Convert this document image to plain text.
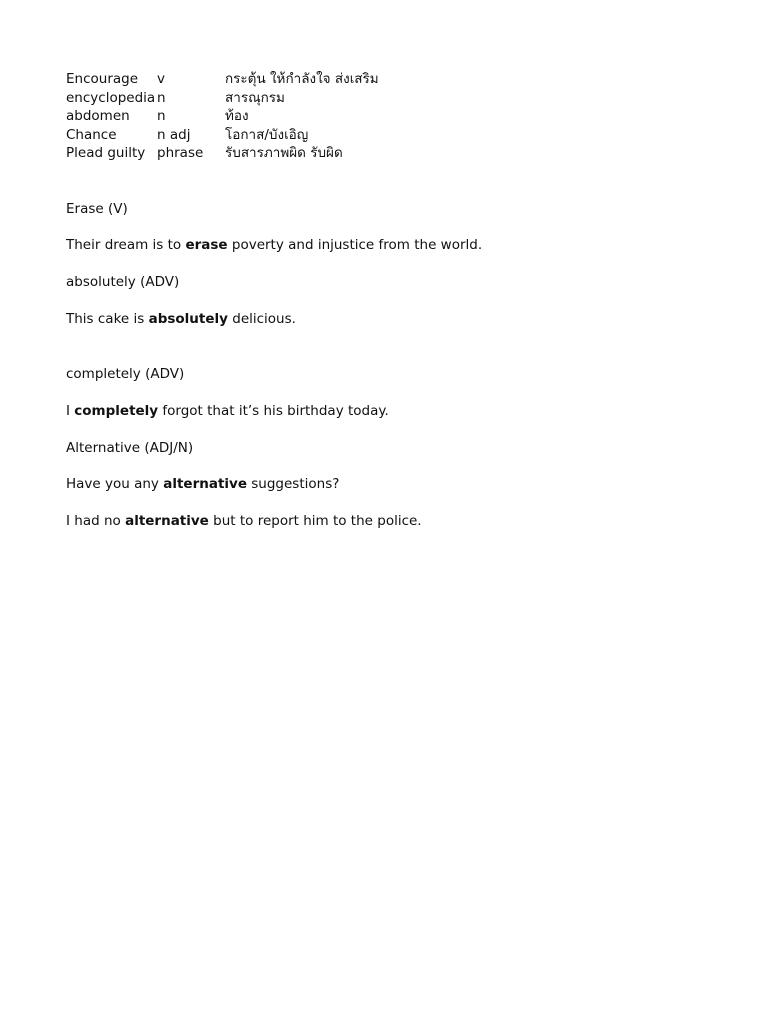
Encourage	v	กระตุ้น ให้กำลังใจ ส่งเสริม
encyclopedia	n	สารณุกรม
abdomen	n	ท้อง
Chance	n adj	โอกาส/บังเอิญ
Plead guilty	phrase	รับสารภาพผิด รับผิด

Erase (V)

Their dream is to erase poverty and injustice from the world.

absolutely (ADV)

This cake is absolutely delicious.

completely (ADV)

I completely forgot that it’s his birthday today.

Alternative (ADJ/N)

Have you any alternative suggestions?

I had no alternative but to report him to the police.
